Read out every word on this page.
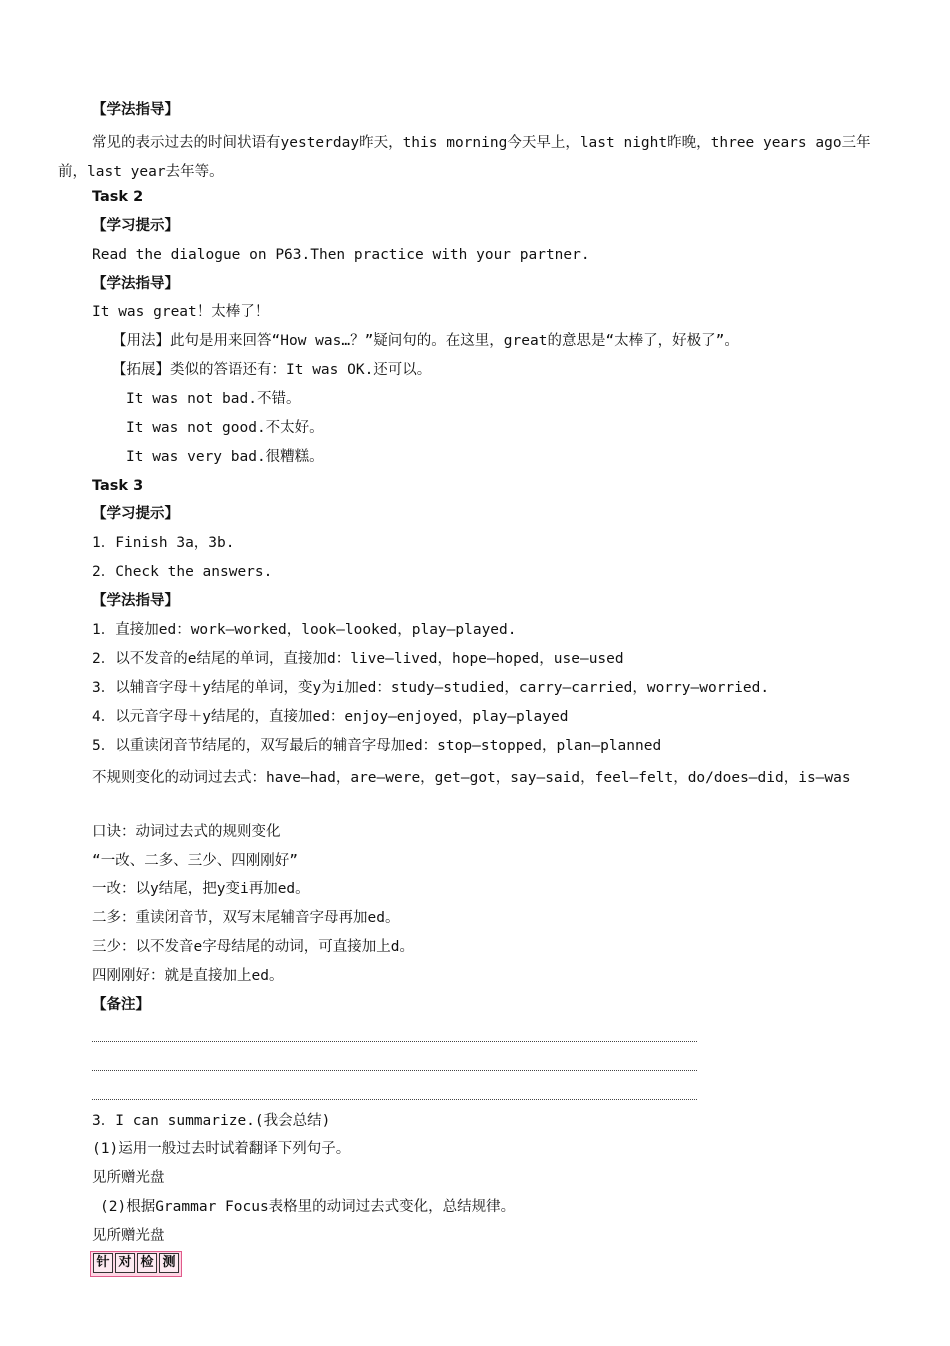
【学法指导】
常见的表示过去的时间状语有yesterday昨天，this morning今天早上，last night昨晚，three years ago三年前，last year去年等。
Task 2
【学习提示】
Read the dialogue on P63.Then practice with your partner.
【学法指导】
It was great！太棒了！
【用法】此句是用来回答“How was…？”疑问句的。在这里，great的意思是“太棒了，好极了”。
【拓展】类似的答语还有：It was OK.还可以。
It was not bad.不错。
It was not good.不太好。
It was very bad.很糟糕。
Task 3
【学习提示】
1．Finish 3a，3b.
2．Check the answers.
【学法指导】
1．直接加ed：work—worked，look—looked，play—played.
2．以不发音的e结尾的单词，直接加d：live—lived，hope—hoped，use—used
3．以辅音字母＋y结尾的单词，变y为i加ed：study—studied，carry—carried，worry—worried.
4．以元音字母＋y结尾的，直接加ed：enjoy—enjoyed，play—played
5．以重读闭音节结尾的，双写最后的辅音字母加ed：stop—stopped，plan—planned
不规则变化的动词过去式：have—had，are—were，get—got，say—said，feel—felt，do/does—did，is—was
口诀：动词过去式的规则变化
“一改、二多、三少、四刚刚好”
一改：以y结尾，把y变i再加ed。
二多：重读闭音节，双写末尾辅音字母再加ed。
三少：以不发音e字母结尾的动词，可直接加上d。
四刚刚好：就是直接加上ed。
【备注】
3．I can summarize.(我会总结)
(1)运用一般过去时试着翻译下列句子。
见所赠光盘
(2)根据Grammar Focus表格里的动词过去式变化，总结规律。
见所赠光盘
针 对 检 测
